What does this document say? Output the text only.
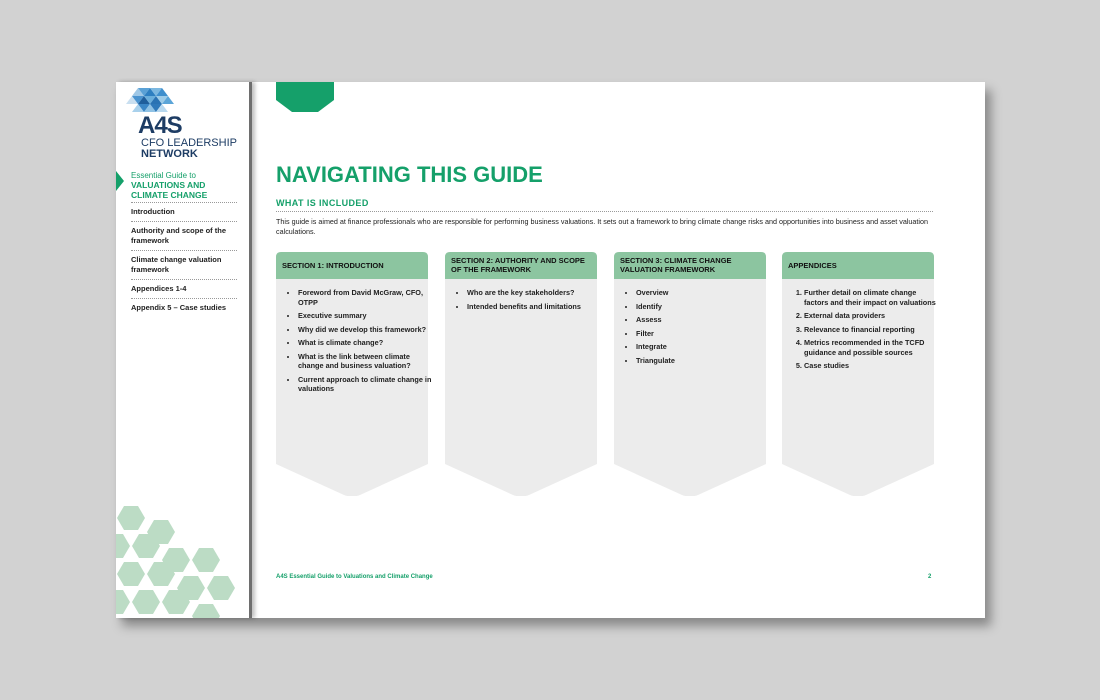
A4S
CFO LEADERSHIP
NETWORK
Essential Guide to
VALUATIONS AND CLIMATE CHANGE
Introduction
Authority and scope of the framework
Climate change valuation framework
Appendices 1-4
Appendix 5 – Case studies
NAVIGATING THIS GUIDE
WHAT IS INCLUDED

This guide is aimed at finance professionals who are responsible for performing business valuations. It sets out a framework to bring climate change risks and opportunities into business and asset valuation calculations.

SECTION 1: INTRODUCTION
• Foreword from David McGraw, CFO, OTPP
• Executive summary
• Why did we develop this framework?
• What is climate change?
• What is the link between climate change and business valuation?
• Current approach to climate change in valuations
SECTION 2: AUTHORITY AND SCOPE OF THE FRAMEWORK
• Who are the key stakeholders?
• Intended benefits and limitations
SECTION 3: CLIMATE CHANGE VALUATION FRAMEWORK
• Overview
• Identify
• Assess
• Filter
• Integrate
• Triangulate
APPENDICES
1. Further detail on climate change factors and their impact on valuations
2. External data providers
3. Relevance to financial reporting
4. Metrics recommended in the TCFD guidance and possible sources
5. Case studies
A4S Essential Guide to Valuations and Climate Change	2
